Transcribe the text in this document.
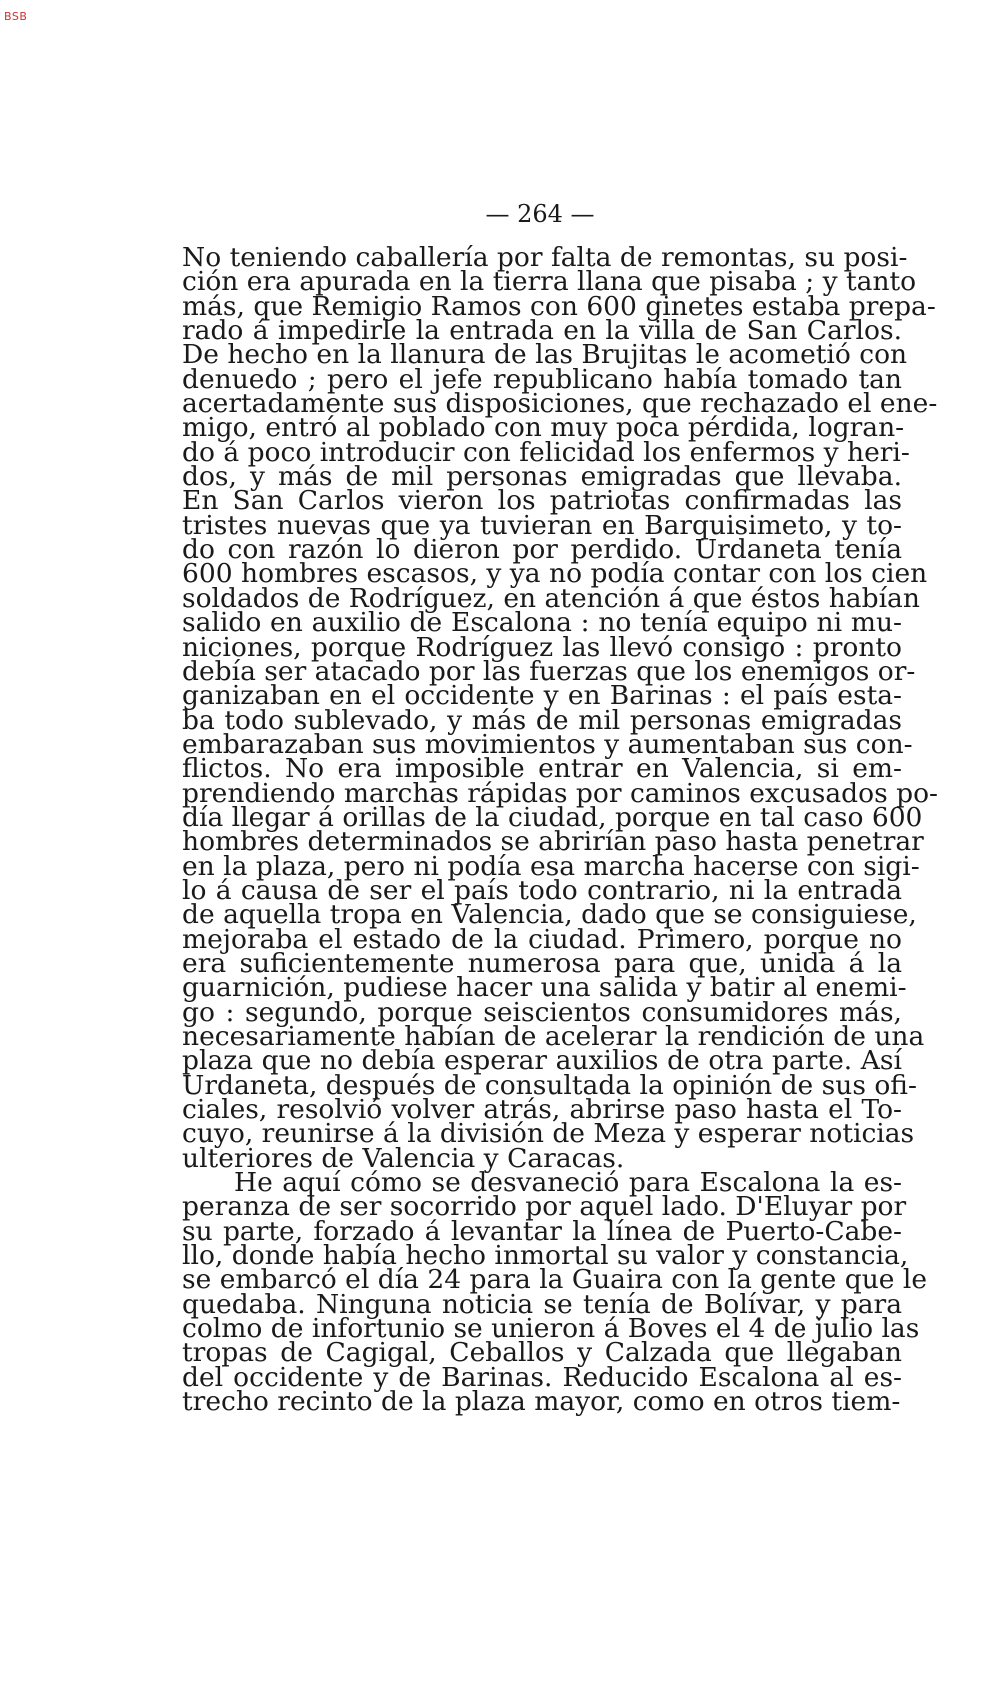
BSB
— 264 —
No teniendo caballería por falta de remontas, su posi-
ción era apurada en la tierra llana que pisaba ; y tanto
más, que Remigio Ramos con 600 ginetes estaba prepa-
rado á impedirle la entrada en la villa de San Carlos.
De hecho en la llanura de las Brujitas le acometió con
denuedo ; pero el jefe republicano había tomado tan
acertadamente sus disposiciones, que rechazado el ene-
migo, entró al poblado con muy poca pérdida, logran-
do á poco introducir con felicidad los enfermos y heri-
dos, y más de mil personas emigradas que llevaba.
En San Carlos vieron los patriotas confirmadas las
tristes nuevas que ya tuvieran en Barquisimeto, y to-
do con razón lo dieron por perdido. Urdaneta tenía
600 hombres escasos, y ya no podía contar con los cien
soldados de Rodríguez, en atención á que éstos habían
salido en auxilio de Escalona : no tenía equipo ni mu-
niciones, porque Rodríguez las llevó consigo : pronto
debía ser atacado por las fuerzas que los enemigos or-
ganizaban en el occidente y en Barinas : el país esta-
ba todo sublevado, y más de mil personas emigradas
embarazaban sus movimientos y aumentaban sus con-
flictos. No era imposible entrar en Valencia, si em-
prendiendo marchas rápidas por caminos excusados po-
día llegar á orillas de la ciudad, porque en tal caso 600
hombres determinados se abrirían paso hasta penetrar
en la plaza, pero ni podía esa marcha hacerse con sigi-
lo á causa de ser el país todo contrario, ni la entrada
de aquella tropa en Valencia, dado que se consiguiese,
mejoraba el estado de la ciudad. Primero, porque no
era suficientemente numerosa para que, unida á la
guarnición, pudiese hacer una salida y batir al enemi-
go : segundo, porque seiscientos consumidores más,
necesariamente habían de acelerar la rendición de una
plaza que no debía esperar auxilios de otra parte. Así
Urdaneta, después de consultada la opinión de sus ofi-
ciales, resolvió volver atrás, abrirse paso hasta el To-
cuyo, reunirse á la división de Meza y esperar noticias
ulteriores de Valencia y Caracas.
He aquí cómo se desvaneció para Escalona la es-
peranza de ser socorrido por aquel lado. D'Eluyar por
su parte, forzado á levantar la línea de Puerto-Cabe-
llo, donde había hecho inmortal su valor y constancia,
se embarcó el día 24 para la Guaira con la gente que le
quedaba. Ninguna noticia se tenía de Bolívar, y para
colmo de infortunio se unieron á Boves el 4 de julio las
tropas de Cagigal, Ceballos y Calzada que llegaban
del occidente y de Barinas. Reducido Escalona al es-
trecho recinto de la plaza mayor, como en otros tiem-
